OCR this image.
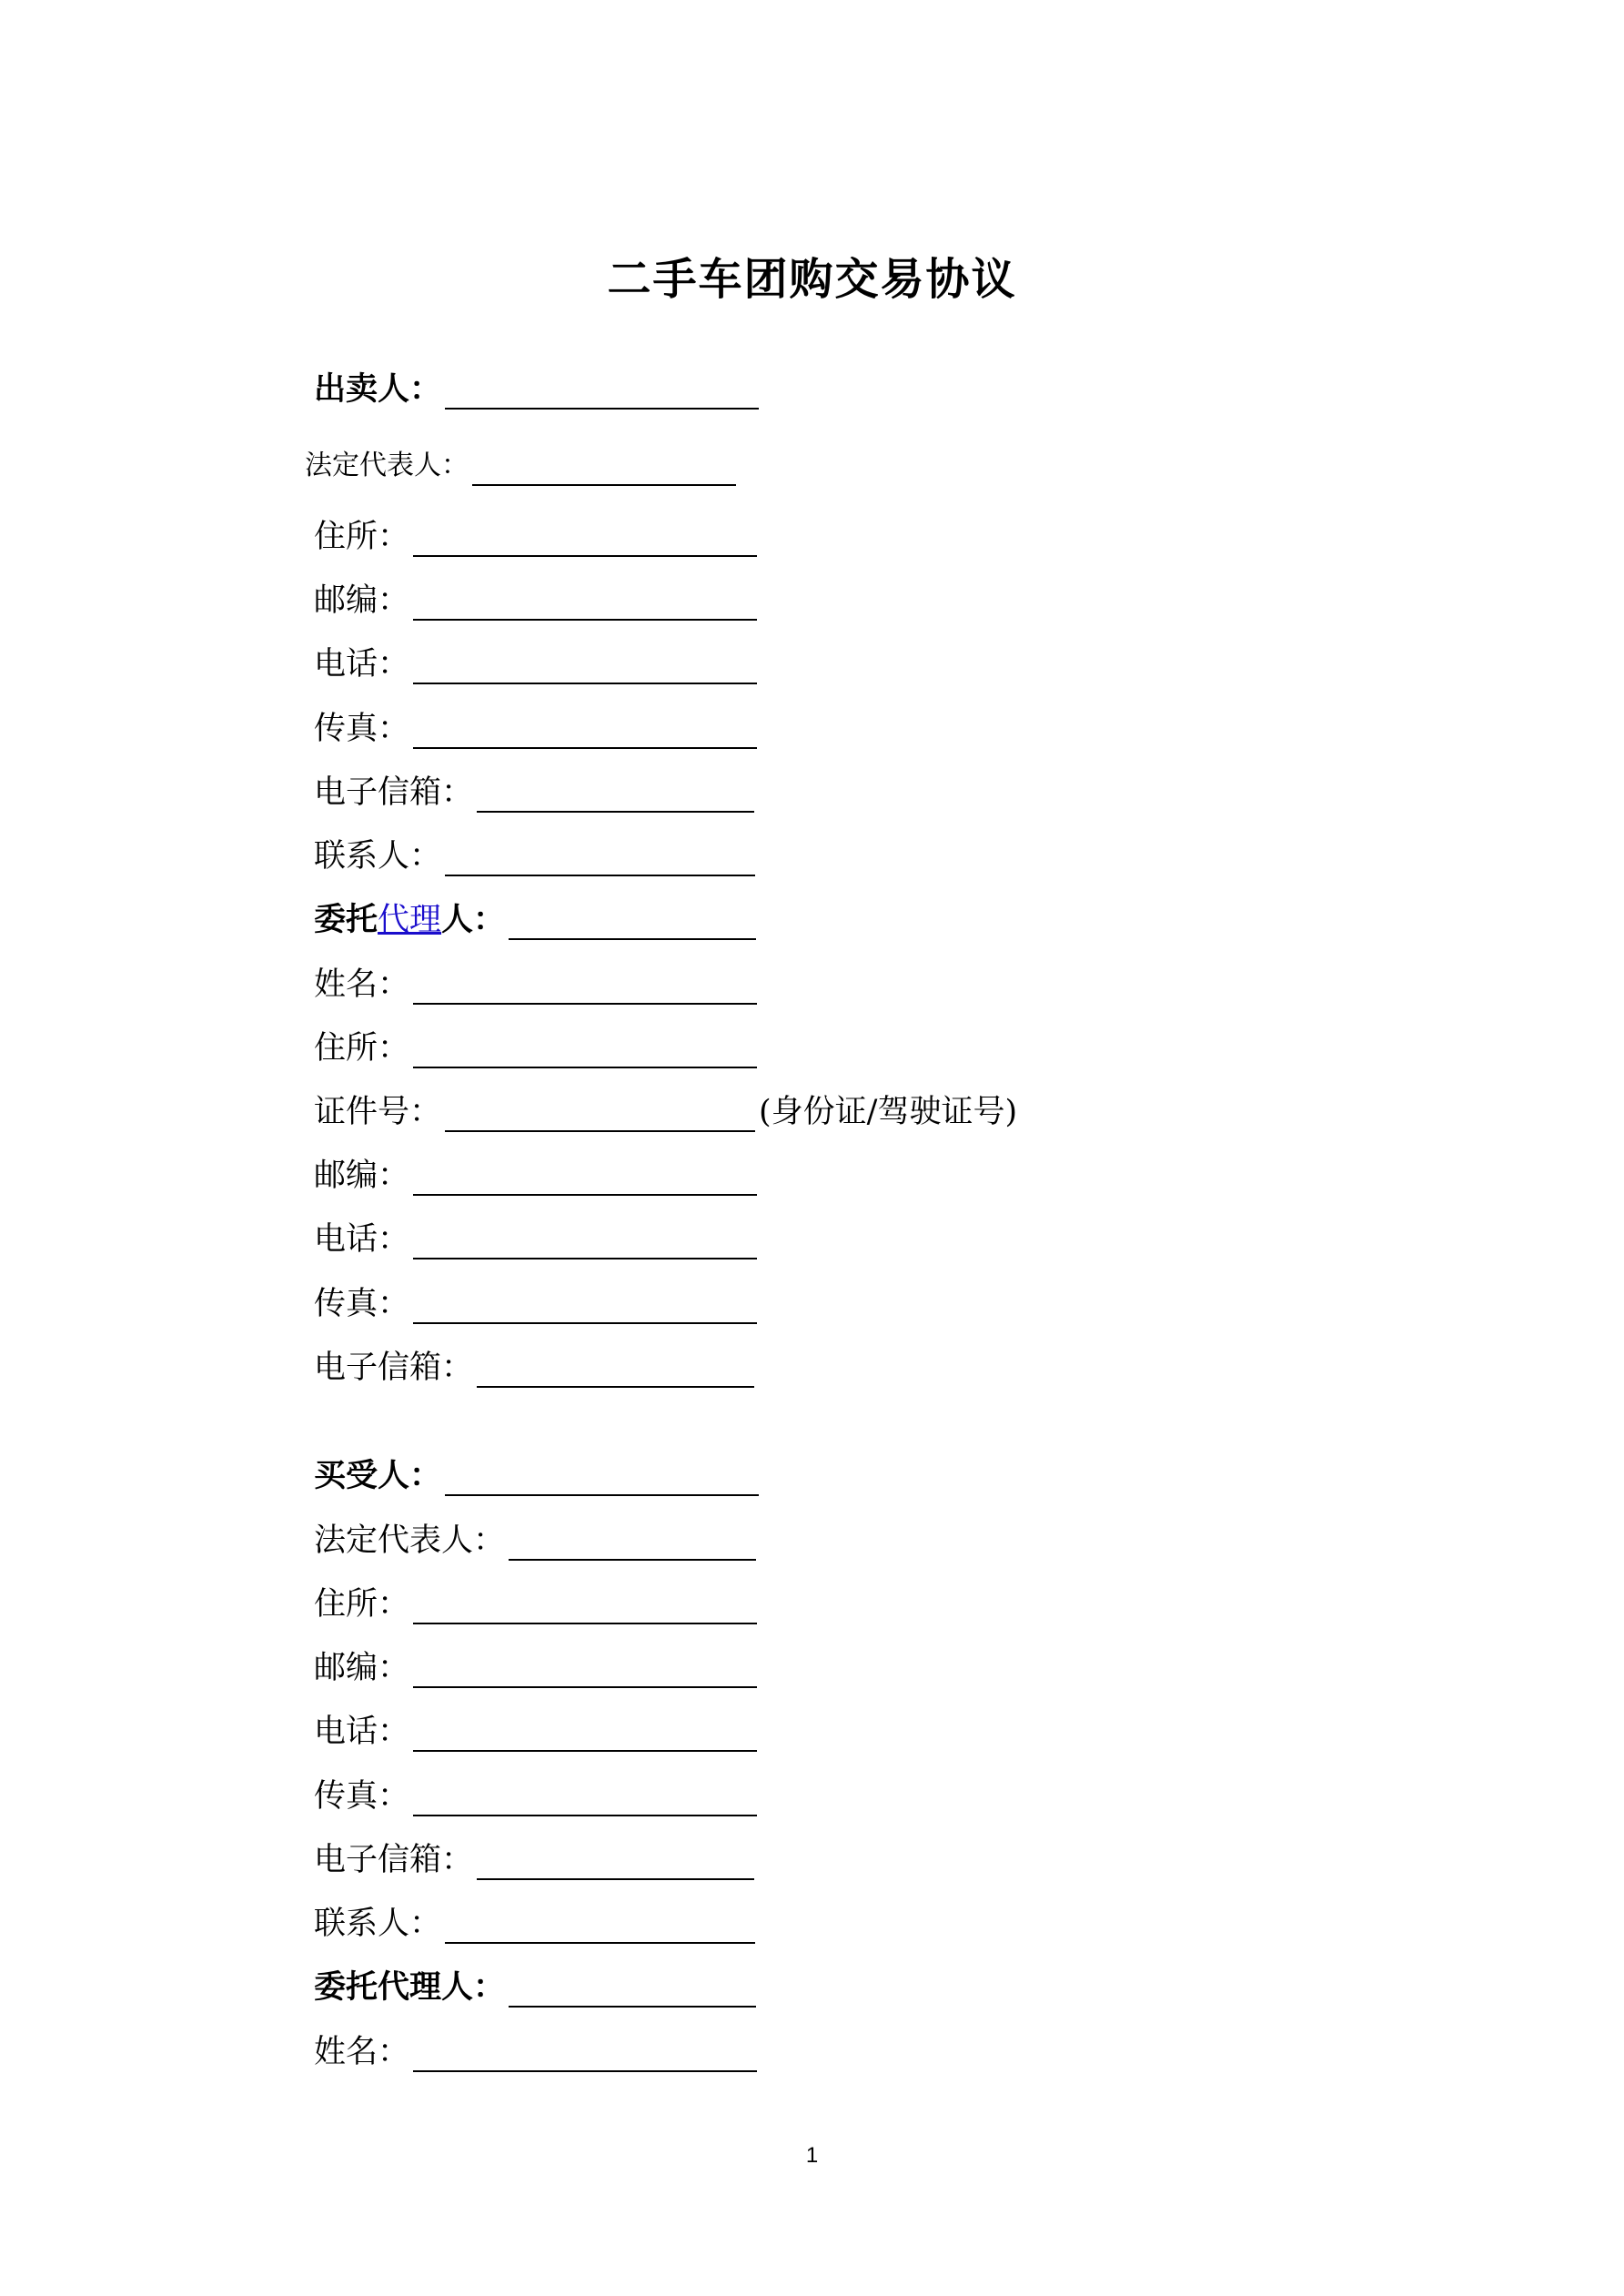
二手车团购交易协议
出卖人：
法定代表人：
住所：
邮编：
电话：
传真：
电子信箱：
联系人：
委托代理人：
姓名：
住所：
证件号：	(身份证/驾驶证号)
邮编：
电话：
传真：
电子信箱：
买受人：
法定代表人：
住所：
邮编：
电话：
传真：
电子信箱：
联系人：
委托代理人：
姓名：
1
